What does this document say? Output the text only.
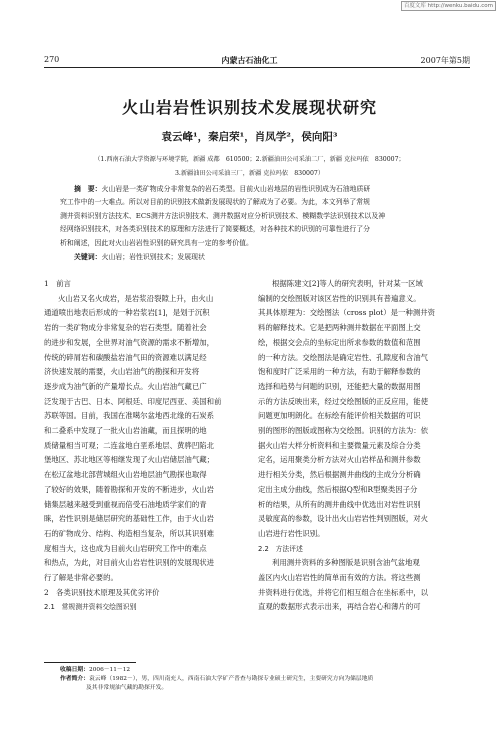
百度文库 http://wenku.baidu.com
270	内蒙古石油化工	2007年第5期
火山岩岩性识别技术发展现状研究
袁云峰¹，秦启荣¹，肖凤学²，侯向阳³
（1.西南石油大学资源与环境学院，新疆 成都　610500；2.新疆油田公司采油二厂，新疆 克拉玛依　830007；
3.新疆油田公司采油三厂，新疆 克拉玛依　830007）
摘　要：火山岩是一类矿物成分非常复杂的岩石类型。目前火山岩地层的岩性识别成为石油地质研
究工作中的一大难点。所以对目前的识别技术做新发展现状的了解成为了必要。为此，本文列举了常规
测井资料识别方法技术、ECS测井方法识别技术、测井数据对应分析识别技术、模糊数学法识别技术以及神
经网络识别技术，对各类识别技术的原理和方法进行了简要概述，对各种技术的识别的可靠性进行了分
析和阐述，因此对火山岩岩性识别的研究具有一定的参考价值。
关键词：火山岩；岩性识别技术；发展现状
1　前言
火山岩又名火成岩，是岩浆沿裂隙上升，由火山
通道喷出地表后形成的一种岩浆岩[1]，是划于沉积
岩的一类矿物成分非常复杂的岩石类型。随着社会
的进步和发展，全世界对油气资源的需求不断增加，
传统的碎屑岩和碳酸盐岩油气田的资源难以满足经
济快速发展的需要，火山岩油气的勘探和开发将
逐步成为油气新的产量增长点。火山岩油气藏已广
泛发现于古巴、日本、阿根廷、印度尼西亚、美国和前
苏联等国。目前，我国在准噶尔盆地西北缘的石炭系
和二叠系中发现了一批火山岩油藏，而且探明的地
质储量相当可观；二连盆地白垩系地层、黄骅凹陷北
堡地区、苏北地区等相继发现了火山岩储层油气藏；
在松辽盆地北部营城组火山岩地层油气勘探也取得
了较好的效果，随着勘探和开发的不断进步，火山岩
储集层越来越受到重视而倍受石油地质学家们的青
睐，岩性识别是储层研究的基础性工作，由于火山岩
石的矿物成分、结构、构造相当复杂，所以其识别难
度相当大，这也成为目前火山岩研究工作中的难点
和热点，为此，对目前火山岩岩性识别的发展现状进
行了解是非常必要的。
2　各类识别技术原理及其优劣评价
2.1　常规测井资料交绘图识别
根据陈建文[2]等人的研究表明，针对某一区域
编制的交绘图版对该区岩性的识别具有普遍意义。
其具体原理为：交绘图法（cross plot）是一种测井资
料的解释技术。它是把两种测井数据在平面图上交
绘，根据交会点的坐标定出所求参数的数值和范围
的一种方法。交绘图法是确定岩性、孔隙度和含油气
饱和度时广泛采用的一种方法，有助于解释参数的
选择和趋势与问题的识别，还能把大量的数据用图
示的方法反映出来，经过交绘图版的正反应用，能使
问题更加明朗化。在标绘有能评价相关数据的可识
别的图形的图版或图称为交绘图。识别的方法为：依
据火山岩大样分析资料和主要微量元素及综合分类
定名，运用聚类分析方法对火山岩样品和测井参数
进行相关分类，然后根据测井曲线的主成分分析确
定出主成分曲线，然后根据Q型和R型聚类因子分
析的结果，从所有的测井曲线中优选出对岩性识别
灵敏度高的参数，设计出火山岩岩性判别图版，对火
山岩进行岩性识别。
2.2　方法评述
利用测井资料的多种图版是识别含油气盆地观
盖区内火山岩岩性的简单而有效的方法。将这些测
井资料进行优选，并将它们相互组合在坐标系中，以
直观的数据形式表示出来，再结合岩心和薄片的可
收稿日期：2006－11－12
作者简介：袁云峰（1982－），男，四川南充人，西南石油大学矿产普查与勘探专业硕士研究生，主要研究方向为储层地质
及其非常规油气藏的勘探开发。
